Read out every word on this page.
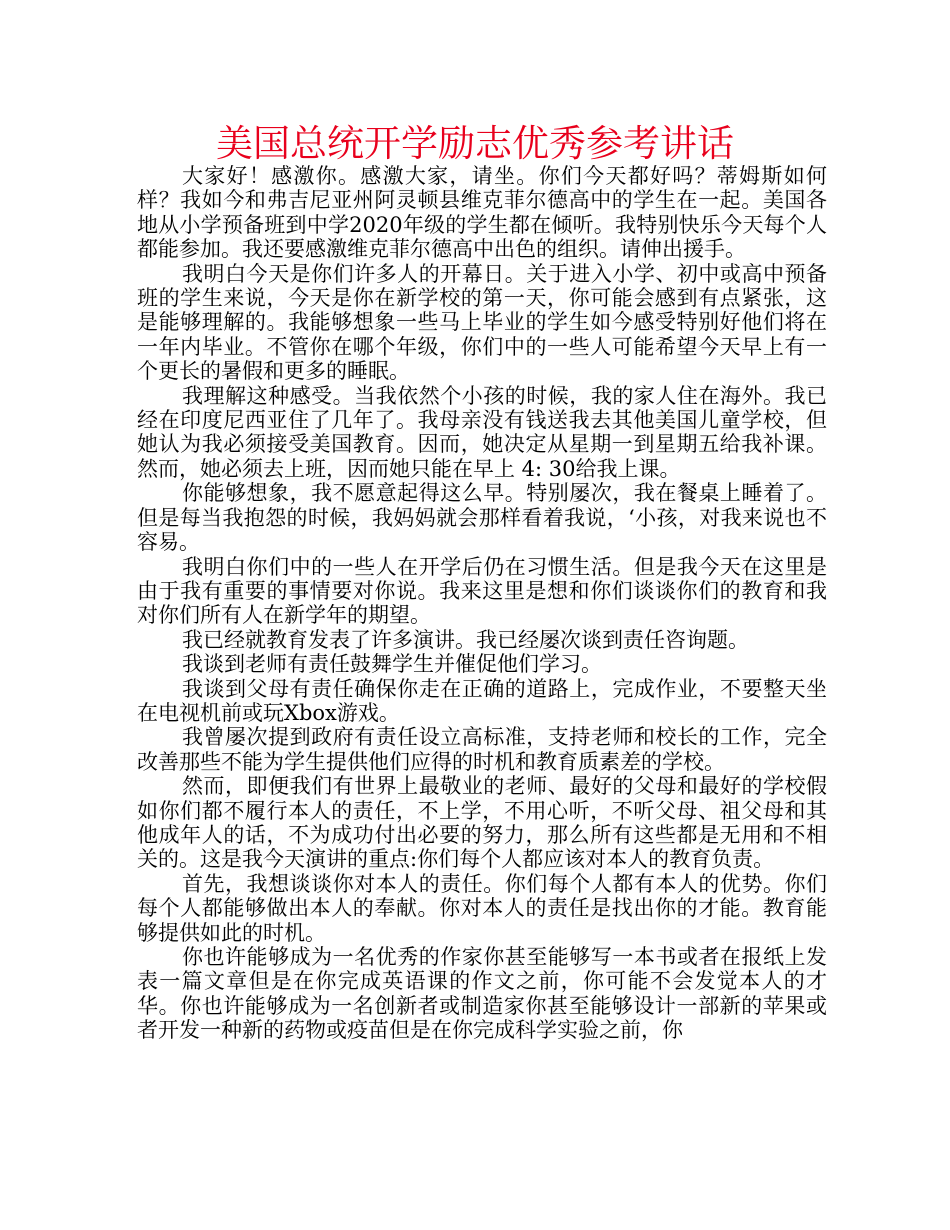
美国总统开学励志优秀参考讲话

大家好！感激你。感激大家，请坐。你们今天都好吗？蒂姆斯如何样？我如今和弗吉尼亚州阿灵顿县维克菲尔德高中的学生在一起。美国各地从小学预备班到中学2020年级的学生都在倾听。我特别快乐今天每个人都能参加。我还要感激维克菲尔德高中出色的组织。请伸出援手。

我明白今天是你们许多人的开幕日。关于进入小学、初中或高中预备班的学生来说，今天是你在新学校的第一天，你可能会感到有点紧张，这是能够理解的。我能够想象一些马上毕业的学生如今感受特别好他们将在一年内毕业。不管你在哪个年级，你们中的一些人可能希望今天早上有一个更长的暑假和更多的睡眠。

我理解这种感受。当我依然个小孩的时候，我的家人住在海外。我已经在印度尼西亚住了几年了。我母亲没有钱送我去其他美国儿童学校，但她认为我必须接受美国教育。因而，她决定从星期一到星期五给我补课。然而，她必须去上班，因而她只能在早上 4: 30给我上课。

你能够想象，我不愿意起得这么早。特别屡次，我在餐桌上睡着了。但是每当我抱怨的时候，我妈妈就会那样看着我说，‘小孩，对我来说也不容易。

我明白你们中的一些人在开学后仍在习惯生活。但是我今天在这里是由于我有重要的事情要对你说。我来这里是想和你们谈谈你们的教育和我对你们所有人在新学年的期望。

我已经就教育发表了许多演讲。我已经屡次谈到责任咨询题。

我谈到老师有责任鼓舞学生并催促他们学习。

我谈到父母有责任确保你走在正确的道路上，完成作业，不要整天坐在电视机前或玩Xbox游戏。

我曾屡次提到政府有责任设立高标准，支持老师和校长的工作，完全改善那些不能为学生提供他们应得的时机和教育质素差的学校。

然而，即便我们有世界上最敬业的老师、最好的父母和最好的学校假如你们都不履行本人的责任，不上学，不用心听，不听父母、祖父母和其他成年人的话，不为成功付出必要的努力，那么所有这些都是无用和不相关的。这是我今天演讲的重点:你们每个人都应该对本人的教育负责。

首先，我想谈谈你对本人的责任。你们每个人都有本人的优势。你们每个人都能够做出本人的奉献。你对本人的责任是找出你的才能。教育能够提供如此的时机。

你也许能够成为一名优秀的作家你甚至能够写一本书或者在报纸上发表一篇文章但是在你完成英语课的作文之前，你可能不会发觉本人的才华。你也许能够成为一名创新者或制造家你甚至能够设计一部新的苹果或者开发一种新的药物或疫苗但是在你完成科学实验之前，你
